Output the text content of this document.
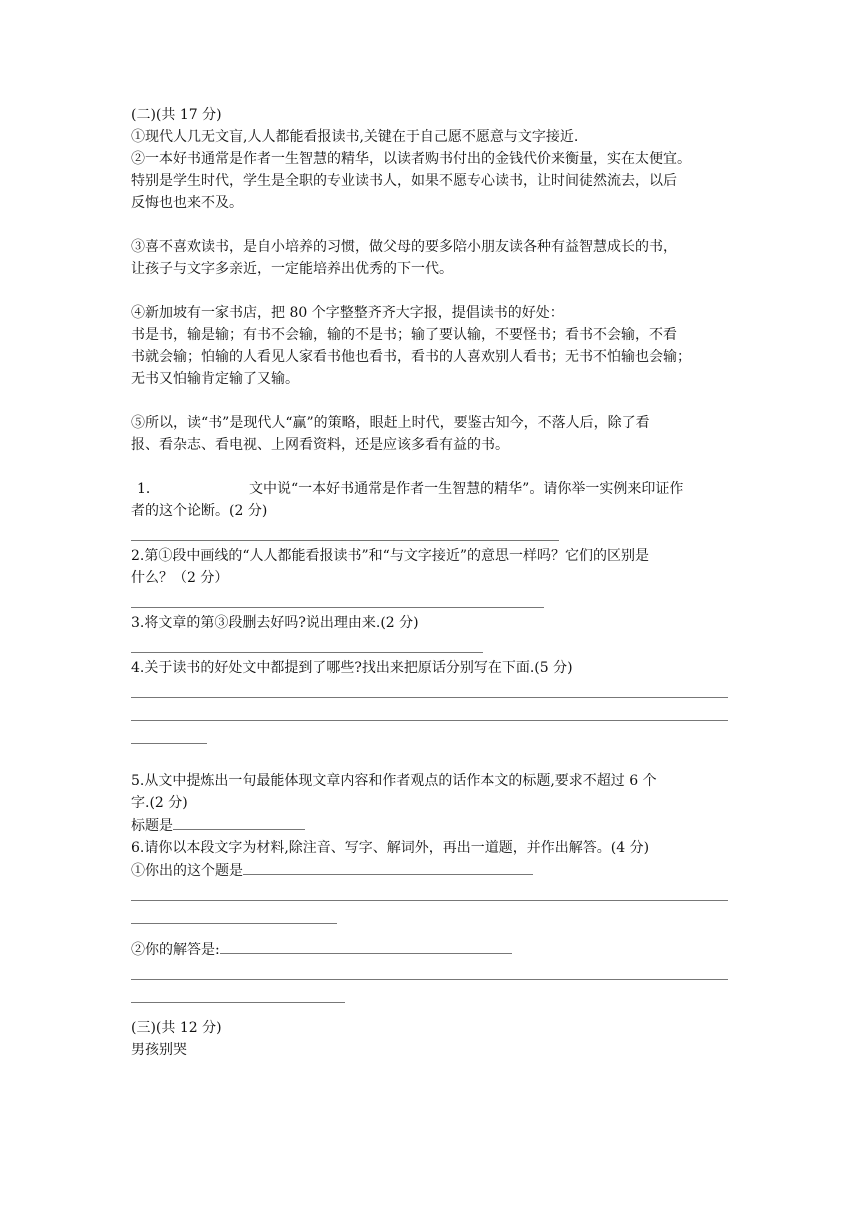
(二)(共 17 分)

①现代人几无文盲,人人都能看报读书,关键在于自己愿不愿意与文字接近.

②一本好书通常是作者一生智慧的精华，以读者购书付出的金钱代价来衡量，实在太便宜。

特别是学生时代，学生是全职的专业读书人，如果不愿专心读书，让时间徒然流去，以后

反悔也也来不及。

③喜不喜欢读书，是自小培养的习惯，做父母的要多陪小朋友读各种有益智慧成长的书，

让孩子与文字多亲近，一定能培养出优秀的下一代。

④新加坡有一家书店，把 80 个字整整齐齐大字报，提倡读书的好处：

书是书，输是输；有书不会输，输的不是书；输了要认输，不要怪书；看书不会输，不看

书就会输；怕输的人看见人家看书他也看书，看书的人喜欢别人看书；无书不怕输也会输；

无书又怕输肯定输了又输。

⑤所以，读“书”是现代人“赢”的策略，眼赶上时代，要鉴古知今，不落人后，除了看

报、看杂志、看电视、上网看资料，还是应该多看有益的书。

1．	文中说“一本好书通常是作者一生智慧的精华”。请你举一实例来印证作

者的这个论断。(2 分)

2.第①段中画线的“人人都能看报读书”和“与文字接近”的意思一样吗？它们的区别是

什么？（2 分）

3.将文章的第③段删去好吗?说出理由来.(2 分)

4.关于读书的好处文中都提到了哪些?找出来把原话分别写在下面.(5 分)

5.从文中提炼出一句最能体现文章内容和作者观点的话作本文的标题,要求不超过 6 个

字.(2 分)

标题是

6.请你以本段文字为材料,除注音、写字、解词外，再出一道题，并作出解答。(4 分)

①你出的这个题是

②你的解答是:

(三)(共 12 分)

男孩别哭
